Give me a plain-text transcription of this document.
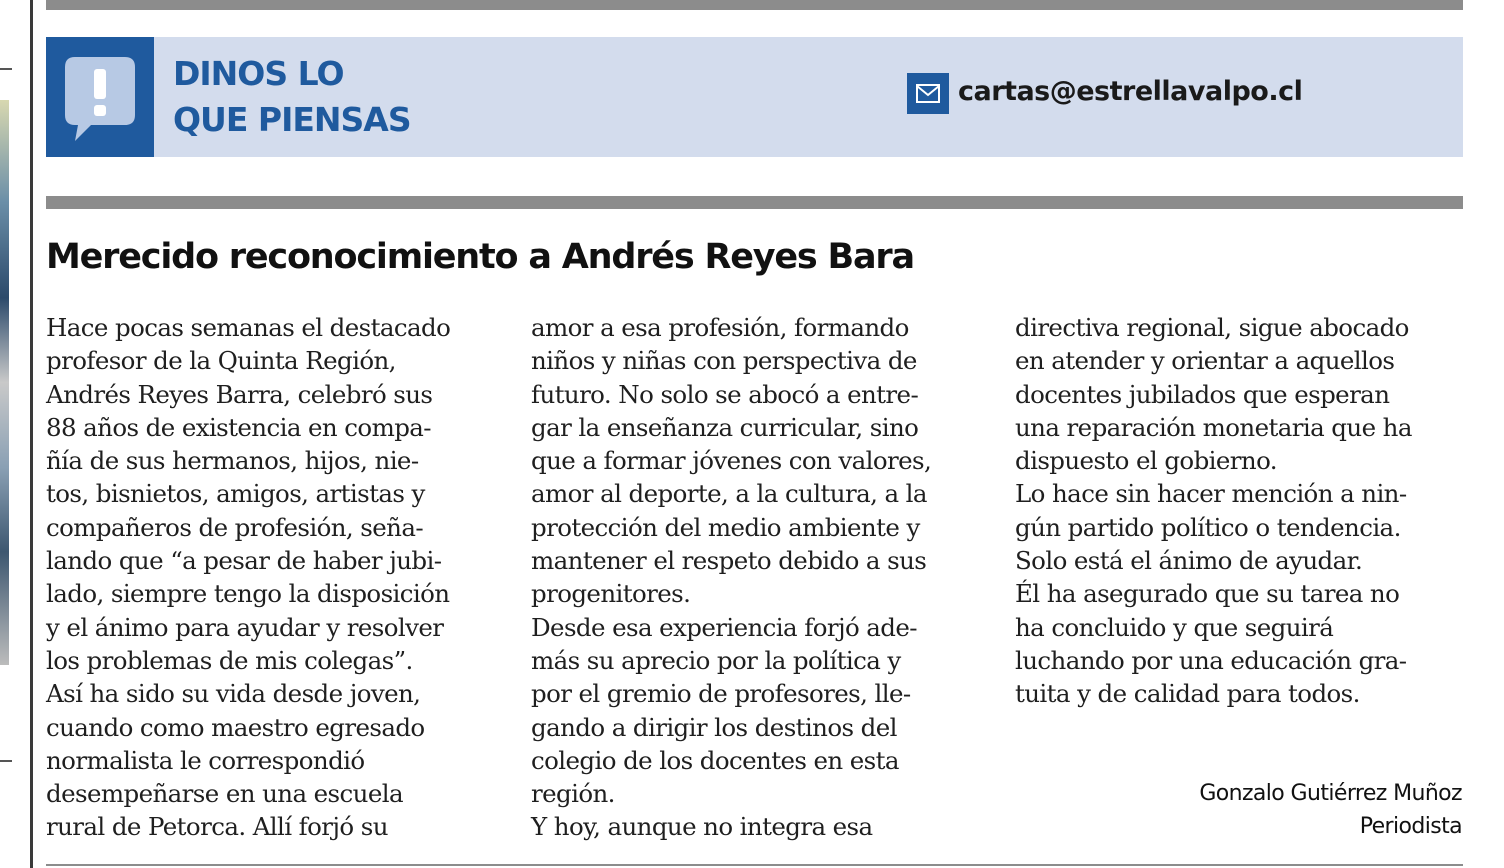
DINOS LO
QUE PIENSAS
cartas@estrellavalpo.cl
Merecido reconocimiento a Andrés Reyes Bara
Hace pocas semanas el destacado
profesor de la Quinta Región,
Andrés Reyes Barra, celebró sus
88 años de existencia en compa-
ñía de sus hermanos, hijos, nie-
tos, bisnietos, amigos, artistas y
compañeros de profesión, seña-
lando que “a pesar de haber jubi-
lado, siempre tengo la disposición
y el ánimo para ayudar y resolver
los problemas de mis colegas”.
Así ha sido su vida desde joven,
cuando como maestro egresado
normalista le correspondió
desempeñarse en una escuela
rural de Petorca. Allí forjó su
amor a esa profesión, formando
niños y niñas con perspectiva de
futuro. No solo se abocó a entre-
gar la enseñanza curricular, sino
que a formar jóvenes con valores,
amor al deporte, a la cultura, a la
protección del medio ambiente y
mantener el respeto debido a sus
progenitores.
Desde esa experiencia forjó ade-
más su aprecio por la política y
por el gremio de profesores, lle-
gando a dirigir los destinos del
colegio de los docentes en esta
región.
Y hoy, aunque no integra esa
directiva regional, sigue abocado
en atender y orientar a aquellos
docentes jubilados que esperan
una reparación monetaria que ha
dispuesto el gobierno.
Lo hace sin hacer mención a nin-
gún partido político o tendencia.
Solo está el ánimo de ayudar.
Él ha asegurado que su tarea no
ha concluido y que seguirá
luchando por una educación gra-
tuita y de calidad para todos.
Gonzalo Gutiérrez Muñoz
Periodista
